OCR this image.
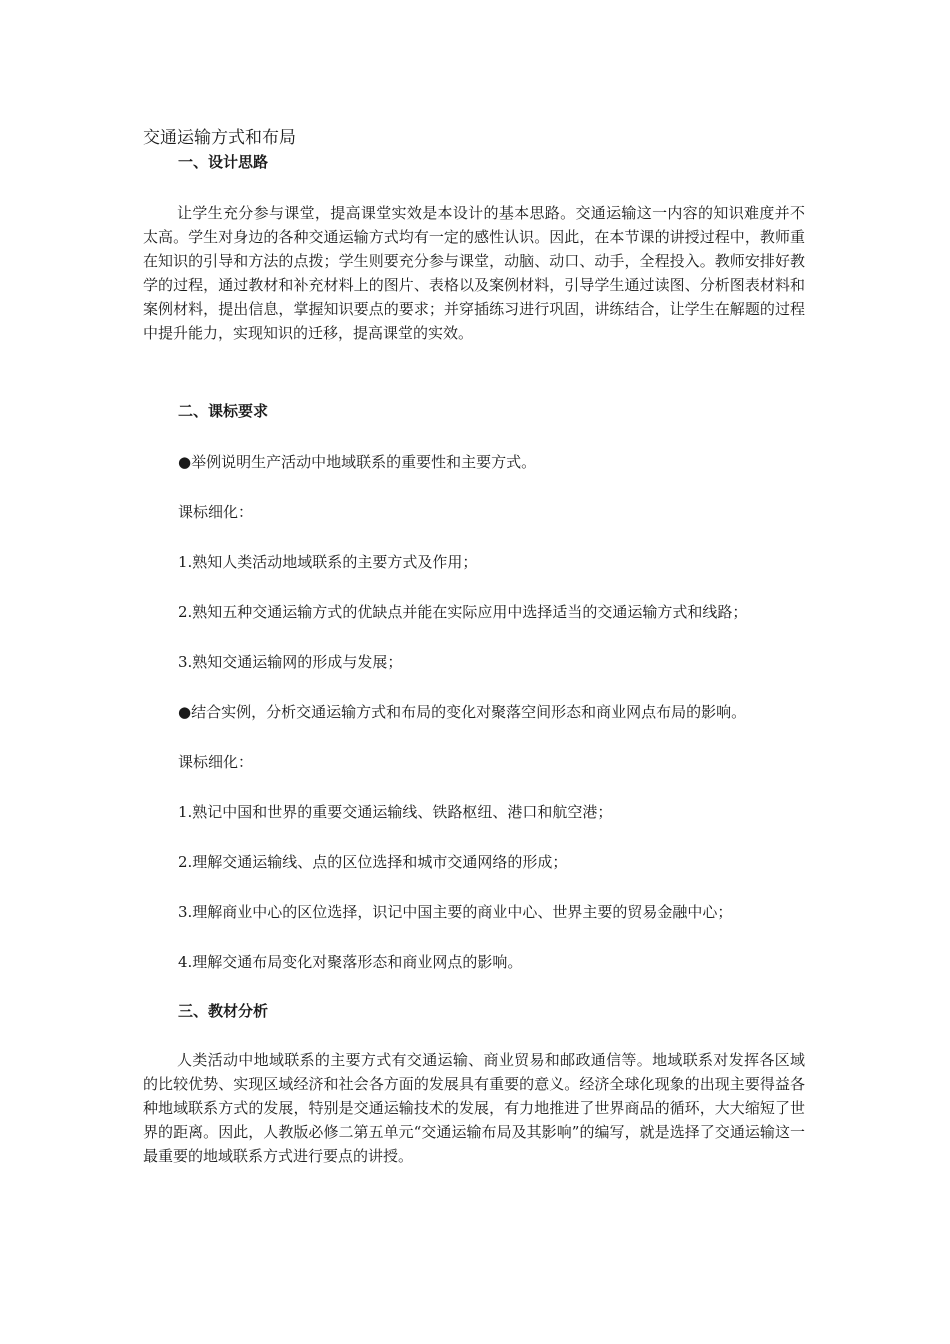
交通运输方式和布局
一、设计思路
让学生充分参与课堂，提高课堂实效是本设计的基本思路。交通运输这一内容的知识难度并不太高。学生对身边的各种交通运输方式均有一定的感性认识。因此，在本节课的讲授过程中，教师重在知识的引导和方法的点拨；学生则要充分参与课堂，动脑、动口、动手，全程投入。教师安排好教学的过程，通过教材和补充材料上的图片、表格以及案例材料，引导学生通过读图、分析图表材料和案例材料，提出信息，掌握知识要点的要求；并穿插练习进行巩固，讲练结合，让学生在解题的过程中提升能力，实现知识的迁移，提高课堂的实效。
二、课标要求
●举例说明生产活动中地域联系的重要性和主要方式。
课标细化：
1.熟知人类活动地域联系的主要方式及作用；
2.熟知五种交通运输方式的优缺点并能在实际应用中选择适当的交通运输方式和线路；
3.熟知交通运输网的形成与发展；
●结合实例，分析交通运输方式和布局的变化对聚落空间形态和商业网点布局的影响。
课标细化：
1.熟记中国和世界的重要交通运输线、铁路枢纽、港口和航空港；
2.理解交通运输线、点的区位选择和城市交通网络的形成；
3.理解商业中心的区位选择，识记中国主要的商业中心、世界主要的贸易金融中心；
4.理解交通布局变化对聚落形态和商业网点的影响。
三、教材分析
人类活动中地域联系的主要方式有交通运输、商业贸易和邮政通信等。地域联系对发挥各区域的比较优势、实现区域经济和社会各方面的发展具有重要的意义。经济全球化现象的出现主要得益各种地域联系方式的发展，特别是交通运输技术的发展，有力地推进了世界商品的循环，大大缩短了世界的距离。因此，人教版必修二第五单元“交通运输布局及其影响”的编写，就是选择了交通运输这一最重要的地域联系方式进行要点的讲授。
